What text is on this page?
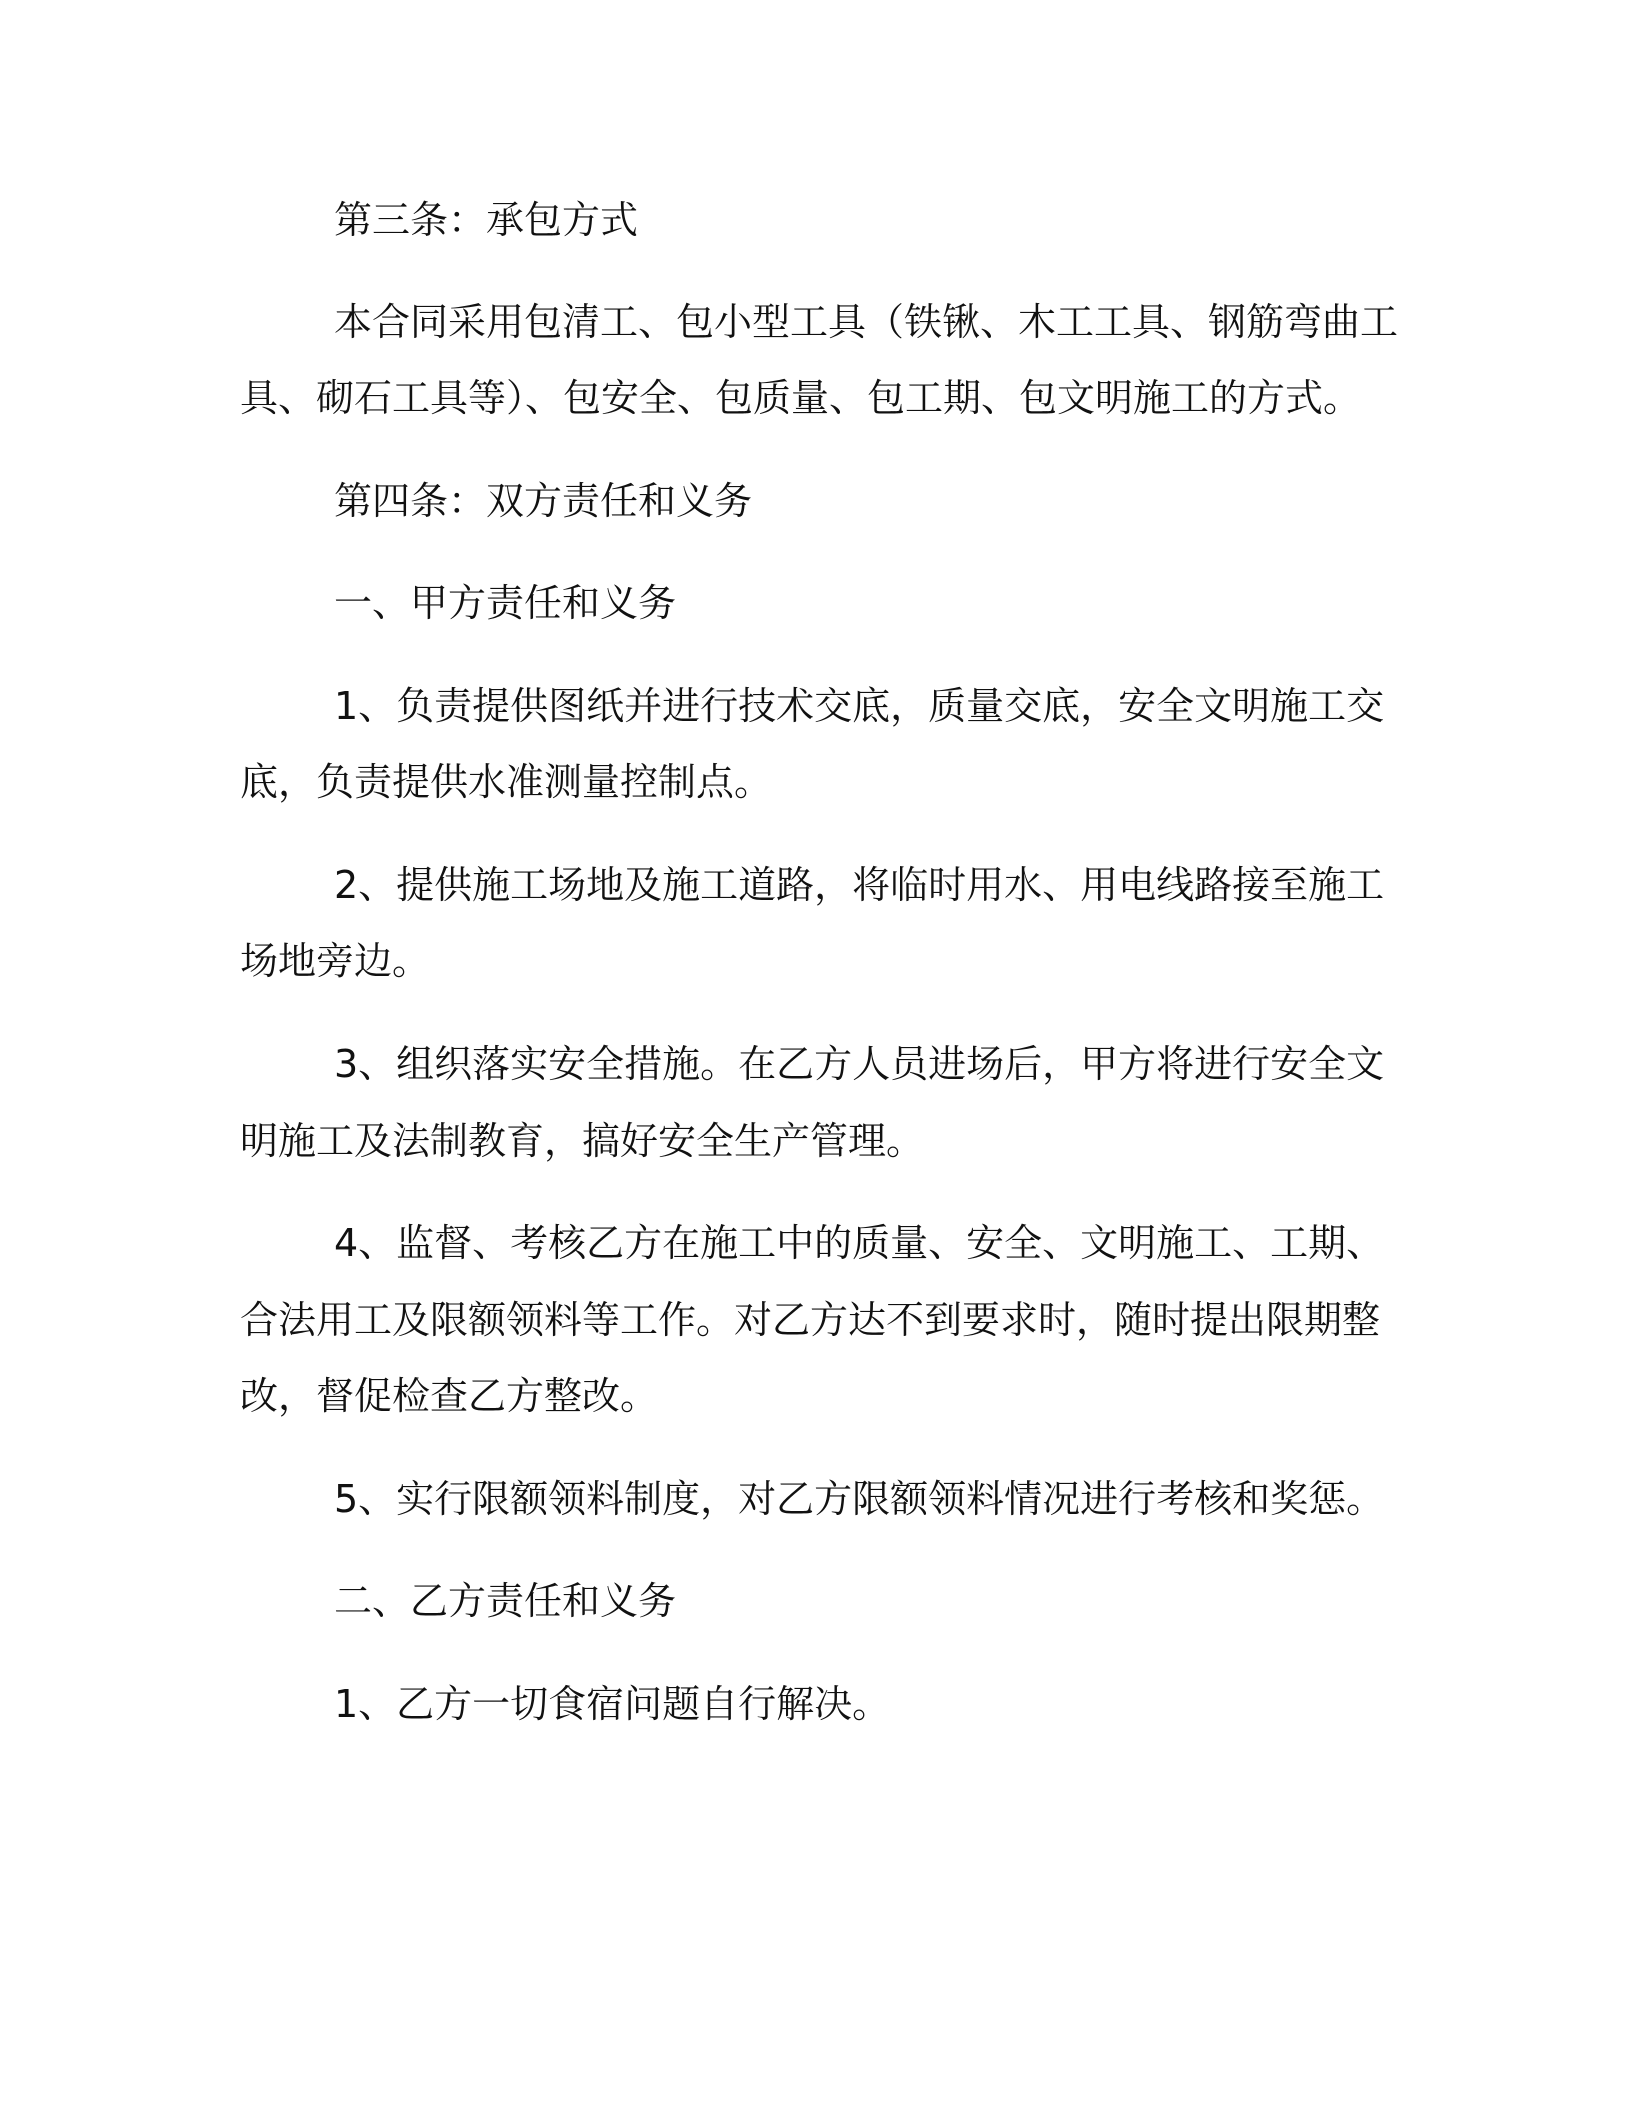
第三条：承包方式

本合同采用包清工、包小型工具（铁锹、木工工具、钢筋弯曲工

具、砌石工具等）、包安全、包质量、包工期、包文明施工的方式。

第四条：双方责任和义务

一、甲方责任和义务

1、负责提供图纸并进行技术交底，质量交底，安全文明施工交

底，负责提供水准测量控制点。

2、提供施工场地及施工道路，将临时用水、用电线路接至施工

场地旁边。

3、组织落实安全措施。在乙方人员进场后，甲方将进行安全文

明施工及法制教育，搞好安全生产管理。

4、监督、考核乙方在施工中的质量、安全、文明施工、工期、

合法用工及限额领料等工作。对乙方达不到要求时，随时提出限期整

改，督促检查乙方整改。

5、实行限额领料制度，对乙方限额领料情况进行考核和奖惩。

二、乙方责任和义务

1、乙方一切食宿问题自行解决。
